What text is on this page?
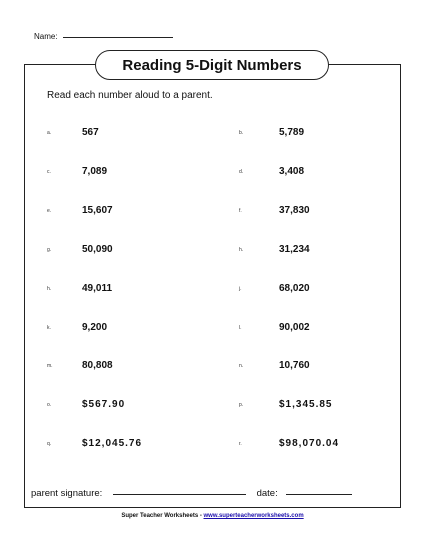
Name:
Reading 5-Digit Numbers
Read each number aloud to a parent.
a.	567	b.	5,789
c.	7,089	d.	3,408
e.	15,607	f.	37,830
g.	50,090	h.	31,234
h.	49,011	j.	68,020
k.	9,200	l.	90,002
m.	80,808	n.	10,760
o.	$567.90	p.	$1,345.85
q.	$12,045.76	r.	$98,070.04
parent signature:	date:
Super Teacher Worksheets - www.superteacherworksheets.com
